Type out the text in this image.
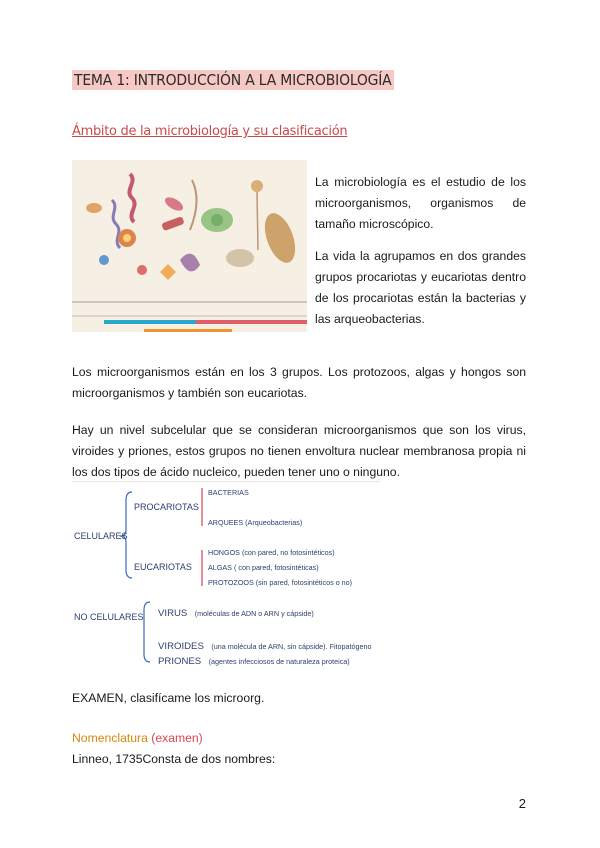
TEMA 1: INTRODUCCIÓN A LA MICROBIOLOGÍA
Ámbito de la microbiología y su clasificación
La microbiología es el estudio de los microorganismos, organismos de tamaño microscópico.
La vida la agrupamos en dos grandes grupos procariotas y eucariotas dentro de los procariotas están la bacterias y las arqueobacterias.
Los microorganismos están en los 3 grupos. Los protozoos, algas y hongos son microorganismos y también son eucariotas.
Hay un nivel subcelular que se consideran microorganismos que son los virus, viroides y priones, estos grupos no tienen envoltura nuclear membranosa propia ni los dos tipos de ácido nucleico, pueden tener uno o ninguno.
CELULARES
PROCARIOTAS
BACTERIAS
ARQUEES (Arqueobacterias)
EUCARIOTAS
HONGOS (con pared, no fotosintéticos)
ALGAS ( con pared, fotosintéticas)
PROTOZOOS (sin pared, fotosintéticos o no)
NO CELULARES VIRUS (moléculas de ADN o ARN y cápside)
VIROIDES (una molécula de ARN, sin cápside). Fitopatógeno
PRIONES (agentes infecciosos de naturaleza proteica)
EXAMEN, clasifícame los microorg.
Nomenclatura (examen)
Linneo, 1735Consta de dos nombres:
2
